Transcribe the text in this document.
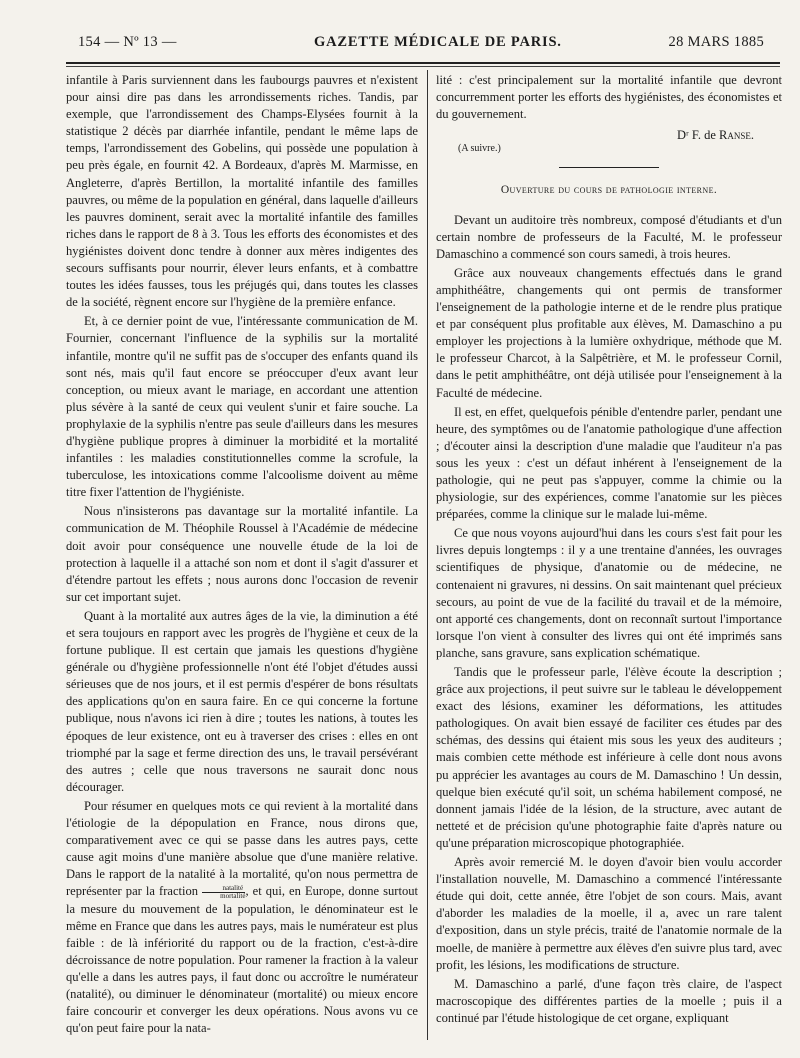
154 — Nº 13 —	GAZETTE MÉDICALE DE PARIS.	28 MARS 1885

infantile à Paris surviennent dans les faubourgs pauvres et n'existent pour ainsi dire pas dans les arrondissements riches. Tandis, par exemple, que l'arrondissement des Champs-Elysées fournit à la statistique 2 décès par diarrhée infantile, pendant le même laps de temps, l'arrondissement des Gobelins, qui possède une population à peu près égale, en fournit 42. A Bordeaux, d'après M. Marmisse, en Angleterre, d'après Bertillon, la mortalité infantile des familles pauvres, ou même de la population en général, dans laquelle d'ailleurs les pauvres dominent, serait avec la mortalité infantile des familles riches dans le rapport de 8 à 3. Tous les efforts des économistes et des hygiénistes doivent donc tendre à donner aux mères indigentes des secours suffisants pour nourrir, élever leurs enfants, et à combattre toutes les idées fausses, tous les préjugés qui, dans toutes les classes de la société, règnent encore sur l'hygiène de la première enfance.

Et, à ce dernier point de vue, l'intéressante communication de M. Fournier, concernant l'influence de la syphilis sur la mortalité infantile, montre qu'il ne suffit pas de s'occuper des enfants quand ils sont nés, mais qu'il faut encore se préoccuper d'eux avant leur conception, ou mieux avant le mariage, en accordant une attention plus sévère à la santé de ceux qui veulent s'unir et faire souche. La prophylaxie de la syphilis n'entre pas seule d'ailleurs dans les mesures d'hygiène publique propres à diminuer la morbidité et la mortalité infantiles : les maladies constitutionnelles comme la scrofule, la tuberculose, les intoxications comme l'alcoolisme doivent au même titre fixer l'attention de l'hygiéniste.

Nous n'insisterons pas davantage sur la mortalité infantile. La communication de M. Théophile Roussel à l'Académie de médecine doit avoir pour conséquence une nouvelle étude de la loi de protection à laquelle il a attaché son nom et dont il s'agit d'assurer et d'étendre partout les effets ; nous aurons donc l'occasion de revenir sur cet important sujet.

Quant à la mortalité aux autres âges de la vie, la diminution a été et sera toujours en rapport avec les progrès de l'hygiène et ceux de la fortune publique. Il est certain que jamais les questions d'hygiène générale ou d'hygiène professionnelle n'ont été l'objet d'études aussi sérieuses que de nos jours, et il est permis d'espérer de bons résultats des applications qu'on en saura faire. En ce qui concerne la fortune publique, nous n'avons ici rien à dire ; toutes les nations, à toutes les époques de leur existence, ont eu à traverser des crises : elles en ont triomphé par la sage et ferme direction des uns, le travail persévérant des autres ; celle que nous traversons ne saurait donc nous décourager.

Pour résumer en quelques mots ce qui revient à la mortalité dans l'étiologie de la dépopulation en France, nous dirons que, comparativement avec ce qui se passe dans les autres pays, cette cause agit moins d'une manière absolue que d'une manière relative. Dans le rapport de la natalité à la mortalité, qu'on nous permettra de représenter par la fraction $\frac{\text{natalité}}{\text{mortalité}}$ , et qui, en Europe, donne surtout la mesure du mouvement de la population, le dénominateur est le même en France que dans les autres pays, mais le numérateur est plus faible : de là infériorité du rapport ou de la fraction, c'est-à-dire décroissance de notre population. Pour ramener la fraction à la valeur qu'elle a dans les autres pays, il faut donc ou accroître le numérateur (natalité), ou diminuer le dénominateur (mortalité) ou mieux encore faire concourir et converger les deux opérations. Nous avons vu ce qu'on peut faire pour la nata-

lité : c'est principalement sur la mortalité infantile que devront concurremment porter les efforts des hygiénistes, des économistes et du gouvernement.

Dʳ F. de Ranse.
(A suivre.)
Ouverture du cours de pathologie interne.

Devant un auditoire très nombreux, composé d'étudiants et d'un certain nombre de professeurs de la Faculté, M. le professeur Damaschino a commencé son cours samedi, à trois heures.

Grâce aux nouveaux changements effectués dans le grand amphithéâtre, changements qui ont permis de transformer l'enseignement de la pathologie interne et de le rendre plus pratique et par conséquent plus profitable aux élèves, M. Damaschino a pu employer les projections à la lumière oxhydrique, méthode que M. le professeur Charcot, à la Salpêtrière, et M. le professeur Cornil, dans le petit amphithéâtre, ont déjà utilisée pour l'enseignement à la Faculté de médecine.

Il est, en effet, quelquefois pénible d'entendre parler, pendant une heure, des symptômes ou de l'anatomie pathologique d'une affection ; d'écouter ainsi la description d'une maladie que l'auditeur n'a pas sous les yeux : c'est un défaut inhérent à l'enseignement de la pathologie, qui ne peut pas s'appuyer, comme la chimie ou la physiologie, sur des expériences, comme l'anatomie sur les pièces préparées, comme la clinique sur le malade lui-même.

Ce que nous voyons aujourd'hui dans les cours s'est fait pour les livres depuis longtemps : il y a une trentaine d'années, les ouvrages scientifiques de physique, d'anatomie ou de médecine, ne contenaient ni gravures, ni dessins. On sait maintenant quel précieux secours, au point de vue de la facilité du travail et de la mémoire, ont apporté ces changements, dont on reconnaît surtout l'importance lorsque l'on vient à consulter des livres qui ont été imprimés sans planche, sans gravure, sans explication schématique.

Tandis que le professeur parle, l'élève écoute la description ; grâce aux projections, il peut suivre sur le tableau le développement exact des lésions, examiner les déformations, les attitudes pathologiques. On avait bien essayé de faciliter ces études par des schémas, des dessins qui étaient mis sous les yeux des auditeurs ; mais combien cette méthode est inférieure à celle dont nous avons pu apprécier les avantages au cours de M. Damaschino ! Un dessin, quelque bien exécuté qu'il soit, un schéma habilement composé, ne donnent jamais l'idée de la lésion, de la structure, avec autant de netteté et de précision qu'une photographie faite d'après nature ou qu'une préparation microscopique photographiée.

Après avoir remercié M. le doyen d'avoir bien voulu accorder l'installation nouvelle, M. Damaschino a commencé l'intéressante étude qui doit, cette année, être l'objet de son cours. Mais, avant d'aborder les maladies de la moelle, il a, avec un rare talent d'exposition, dans un style précis, traité de l'anatomie normale de la moelle, de manière à permettre aux élèves d'en suivre plus tard, avec profit, les lésions, les modifications de structure.

M. Damaschino a parlé, d'une façon très claire, de l'aspect macroscopique des différentes parties de la moelle ; puis il a continué par l'étude histologique de cet organe, expliquant
